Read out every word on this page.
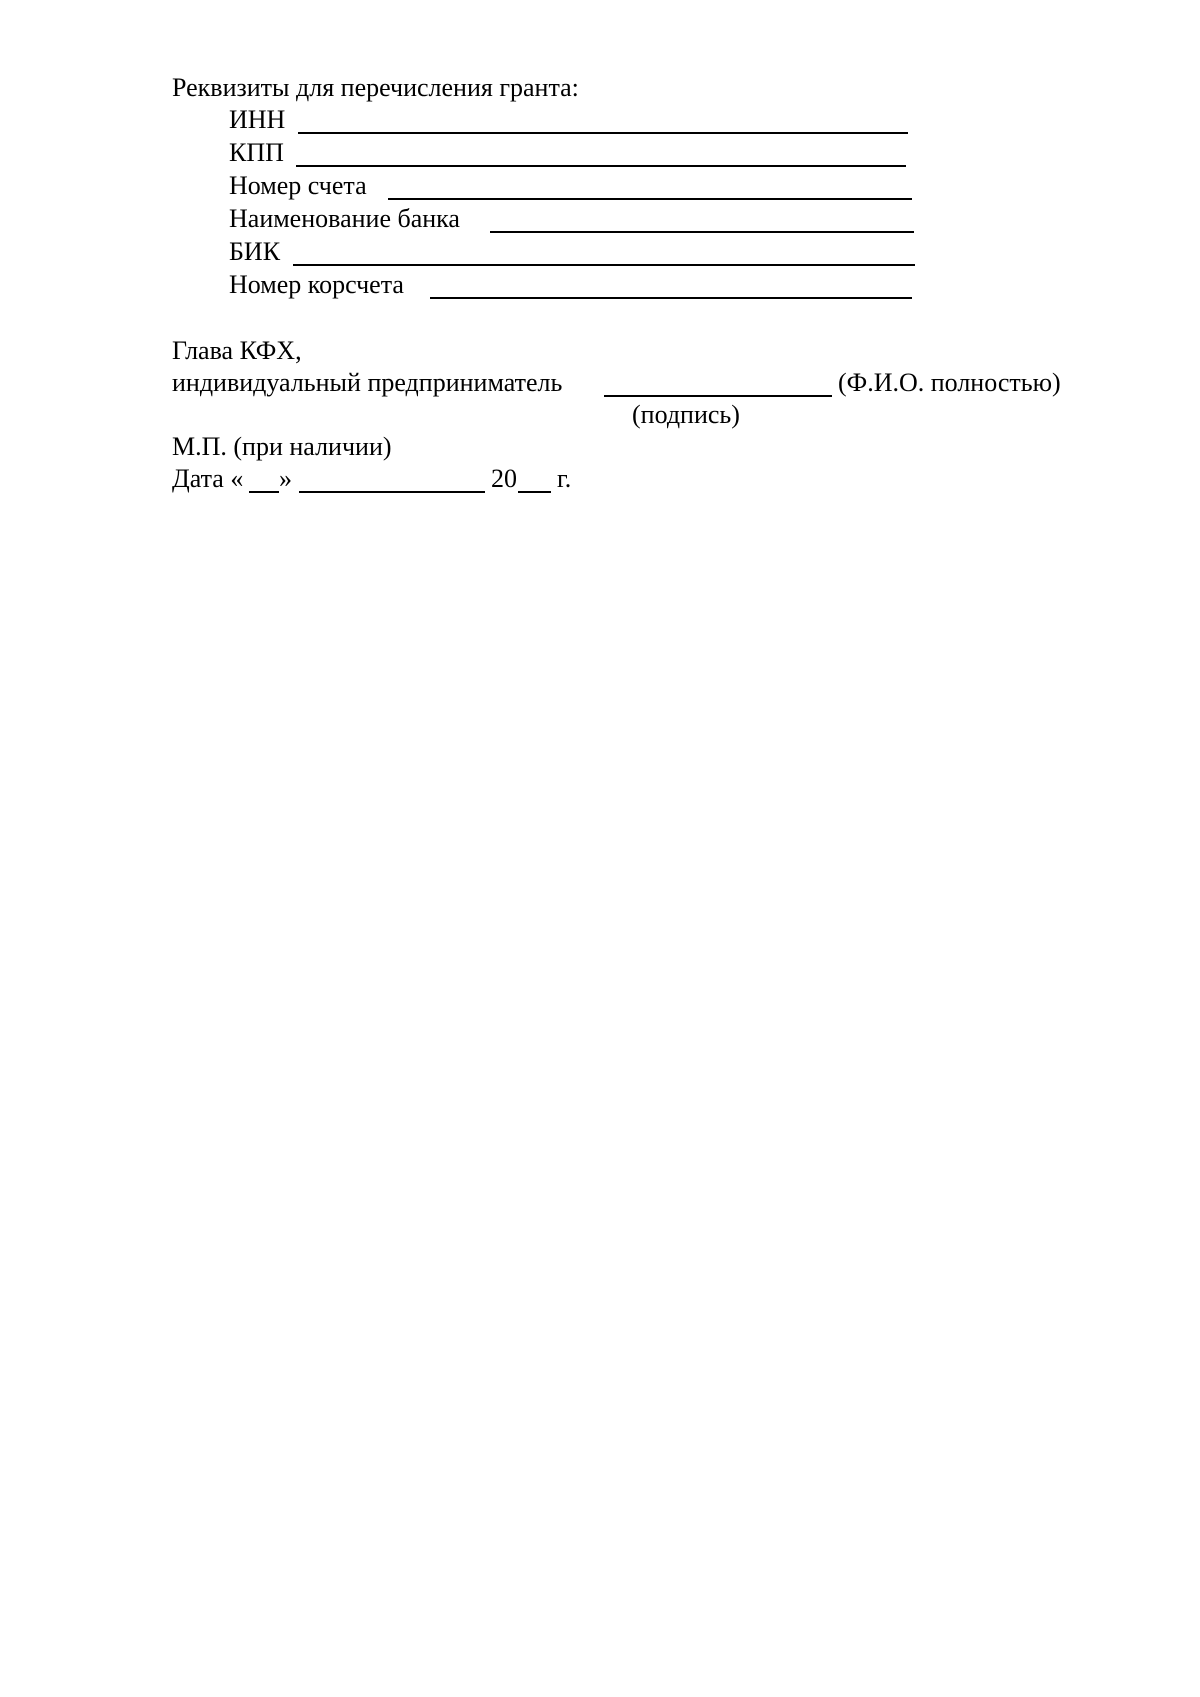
Реквизиты для перечисления гранта:
ИНН
КПП
Номер счета
Наименование банка
БИК
Номер корсчета
Глава КФХ,
индивидуальный предприниматель	(Ф.И.О. полностью)
(подпись)
М.П. (при наличии)
Дата « »	20 г.
